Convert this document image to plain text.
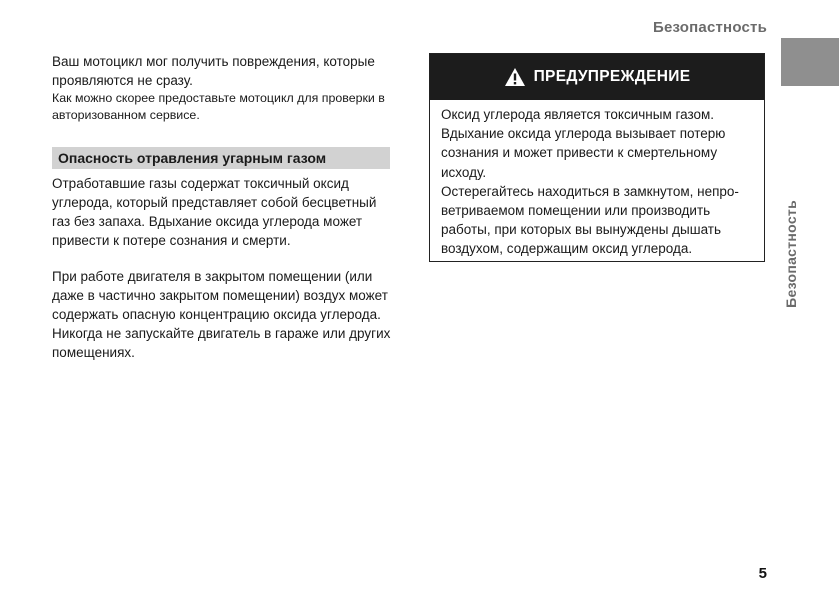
Безопастность
Безопастность

Ваш мотоцикл мог получить повреждения, которые проявляются не сразу.

Как можно скорее предоставьте мотоцикл для проверки в авторизованном сервисе.

Опасность отравления угарным газом

Отработавшие газы содержат токсичный оксид углерода, который представляет собой бесцветный газ без запаха. Вдыхание оксида углерода может привести к потере сознания и смерти.

При работе двигателя в закрытом помещении (или даже в частично закрытом помещении) воздух может содержать опасную концентрацию оксида углерода. Никогда не запускайте двигатель в гараже или других помещениях.

ПРЕДУПРЕЖДЕНИЕ

Оксид углерода является токсичным газом. Вдыхание оксида углерода вызывает потерю сознания и может привести к смертельному исходу.

Остерегайтесь находиться в замкнутом, непро-ветриваемом помещении или производить работы, при которых вы вынуждены дышать воздухом, содержащим оксид углерода.

5
